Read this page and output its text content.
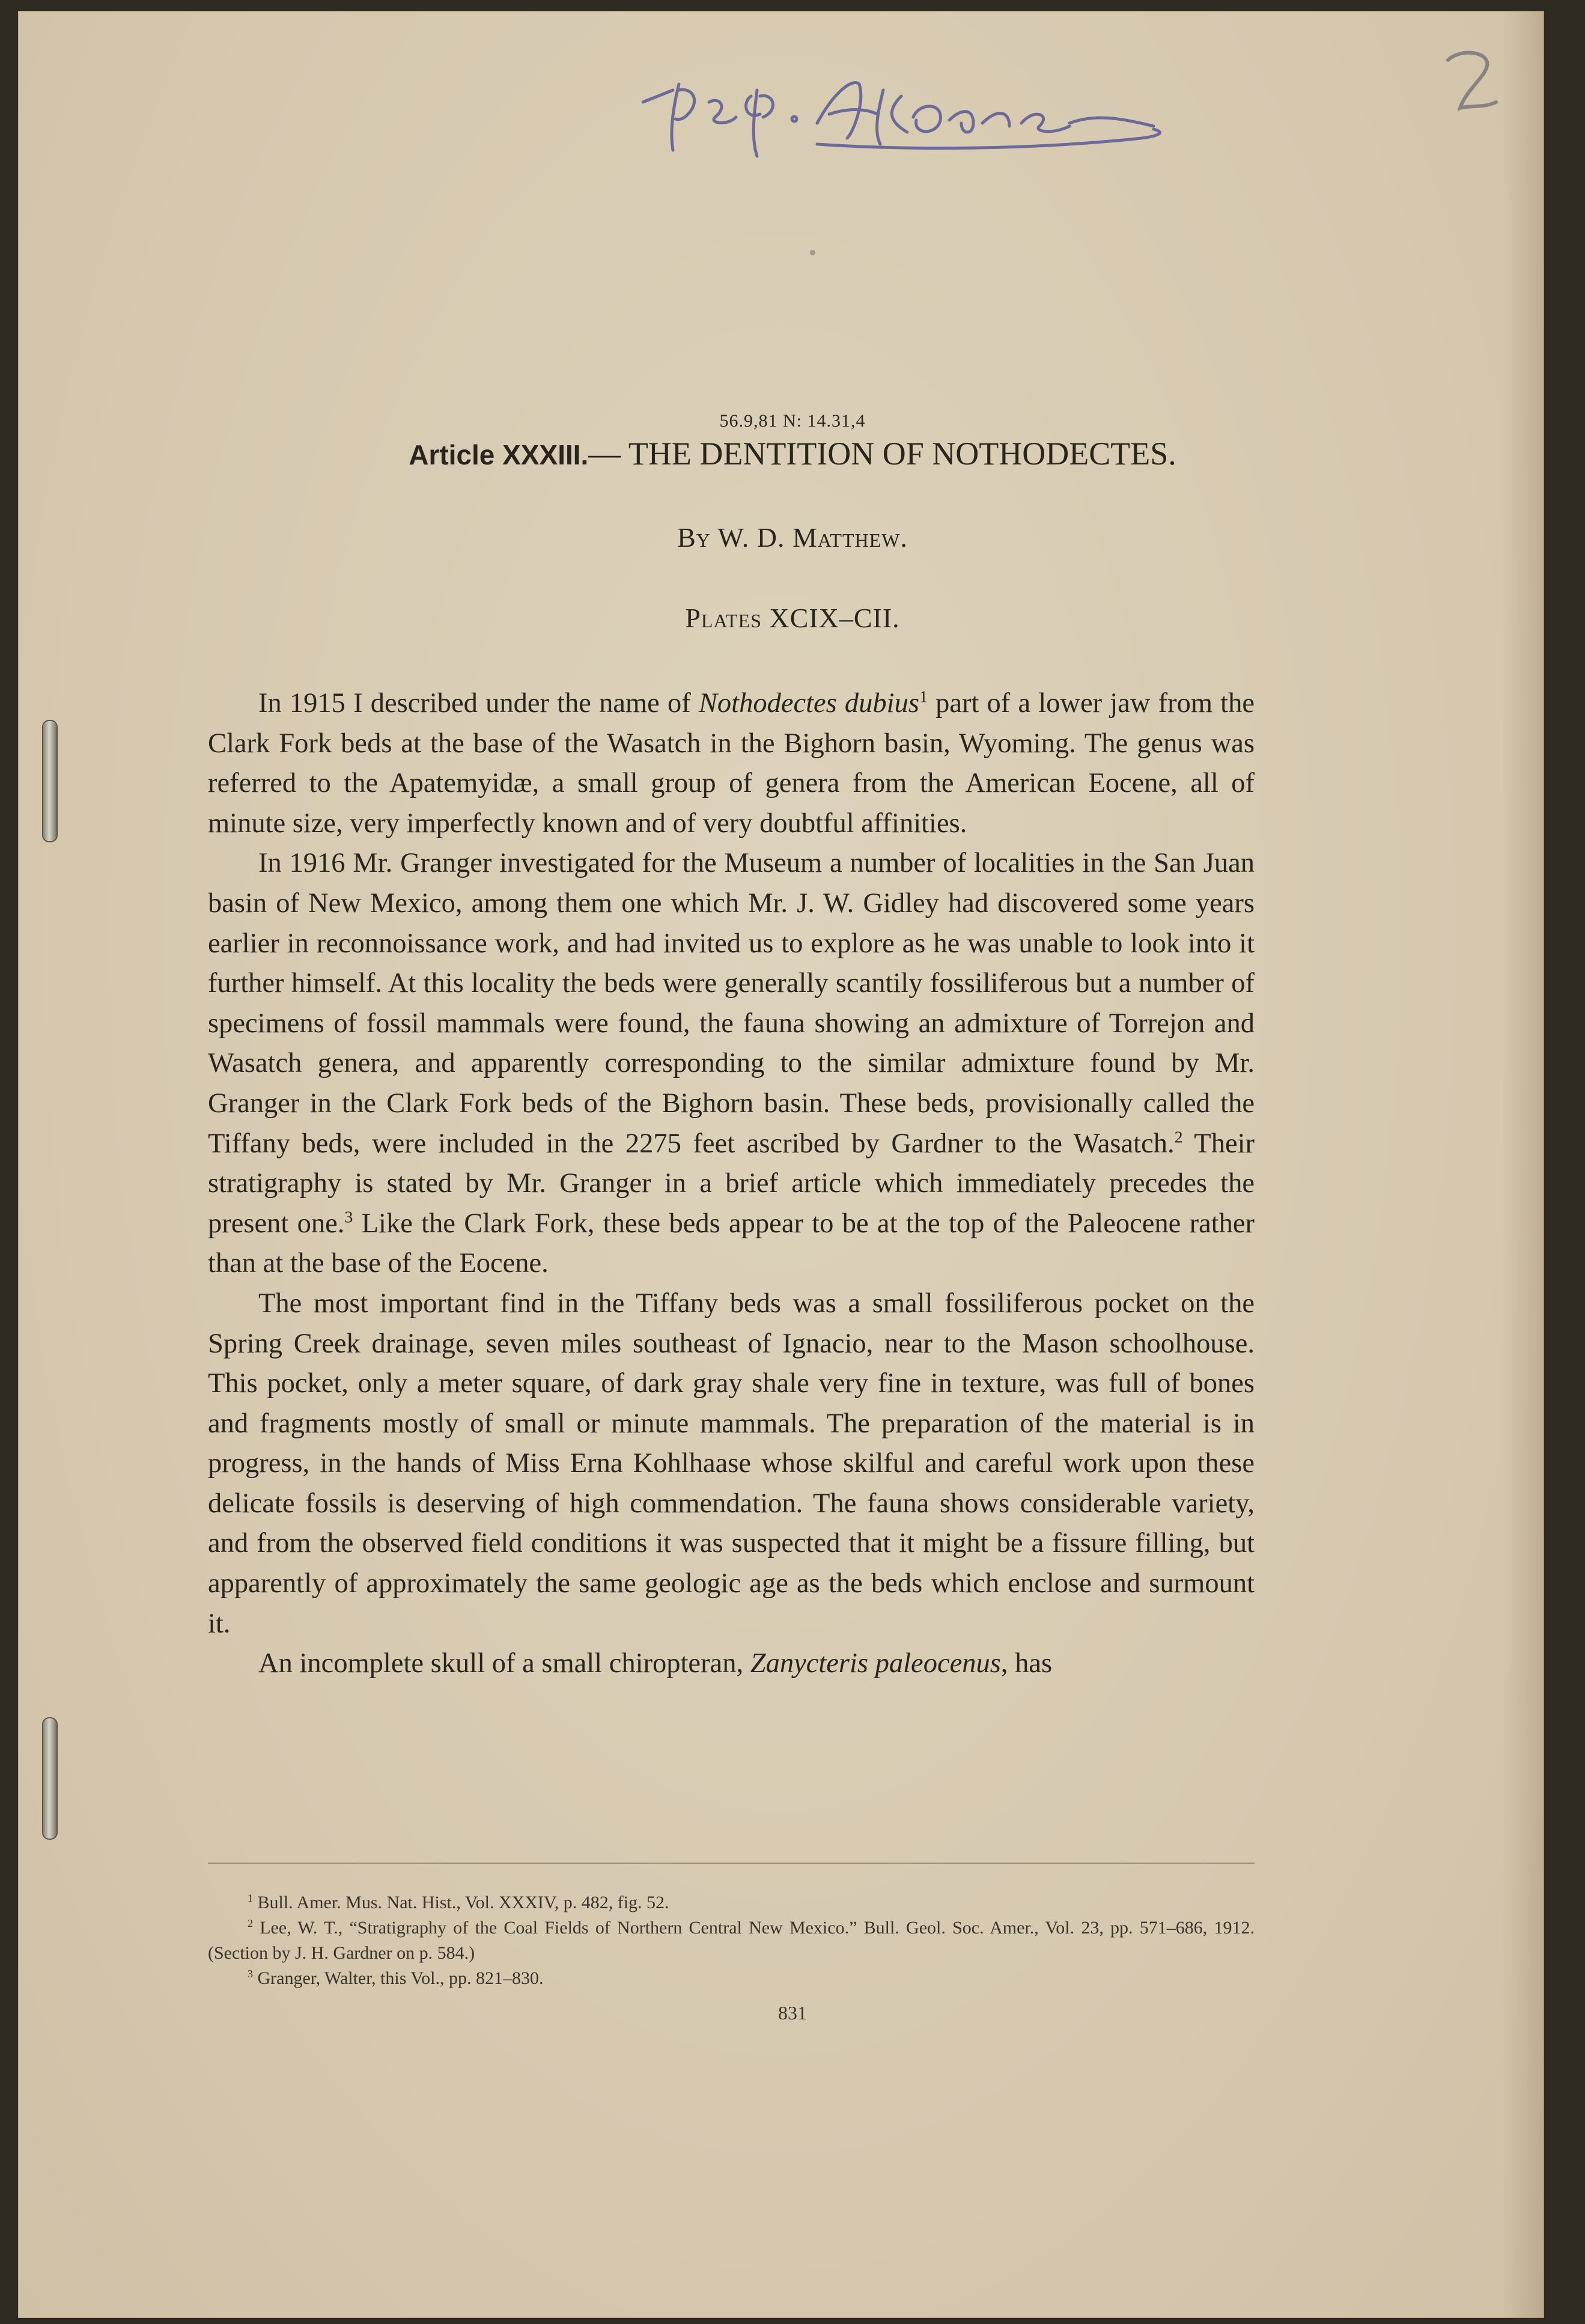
56.9,81 N: 14.31,4
Article XXXIII.— THE DENTITION OF NOTHODECTES.
By W. D. Matthew.
Plates XCIX–CII.

In 1915 I described under the name of Nothodectes dubius$^1$ part of a lower jaw from the Clark Fork beds at the base of the Wasatch in the Bighorn basin, Wyoming. The genus was referred to the Apatemyidæ, a small group of genera from the American Eocene, all of minute size, very imperfectly known and of very doubtful affinities.

In 1916 Mr. Granger investigated for the Museum a number of localities in the San Juan basin of New Mexico, among them one which Mr. J. W. Gidley had discovered some years earlier in reconnoissance work, and had invited us to explore as he was unable to look into it further himself. At this locality the beds were generally scantily fossiliferous but a number of specimens of fossil mammals were found, the fauna showing an admixture of Torrejon and Wasatch genera, and apparently corresponding to the similar admixture found by Mr. Granger in the Clark Fork beds of the Bighorn basin. These beds, provisionally called the Tiffany beds, were included in the 2275 feet ascribed by Gardner to the Wasatch.$^2$ Their stratigraphy is stated by Mr. Granger in a brief article which immediately precedes the present one.$^3$ Like the Clark Fork, these beds appear to be at the top of the Paleocene rather than at the base of the Eocene.

The most important find in the Tiffany beds was a small fossiliferous pocket on the Spring Creek drainage, seven miles southeast of Ignacio, near to the Mason schoolhouse. This pocket, only a meter square, of dark gray shale very fine in texture, was full of bones and fragments mostly of small or minute mammals. The preparation of the material is in progress, in the hands of Miss Erna Kohlhaase whose skilful and careful work upon these delicate fossils is deserving of high commendation. The fauna shows considerable variety, and from the observed field conditions it was suspected that it might be a fissure filling, but apparently of approximately the same geologic age as the beds which enclose and surmount it.

An incomplete skull of a small chiropteran, Zanycteris paleocenus, has

$^1$ Bull. Amer. Mus. Nat. Hist., Vol. XXXIV, p. 482, fig. 52.

$^2$ Lee, W. T., “Stratigraphy of the Coal Fields of Northern Central New Mexico.” Bull. Geol. Soc. Amer., Vol. 23, pp. 571–686, 1912. (Section by J. H. Gardner on p. 584.)

$^3$ Granger, Walter, this Vol., pp. 821–830.

831
